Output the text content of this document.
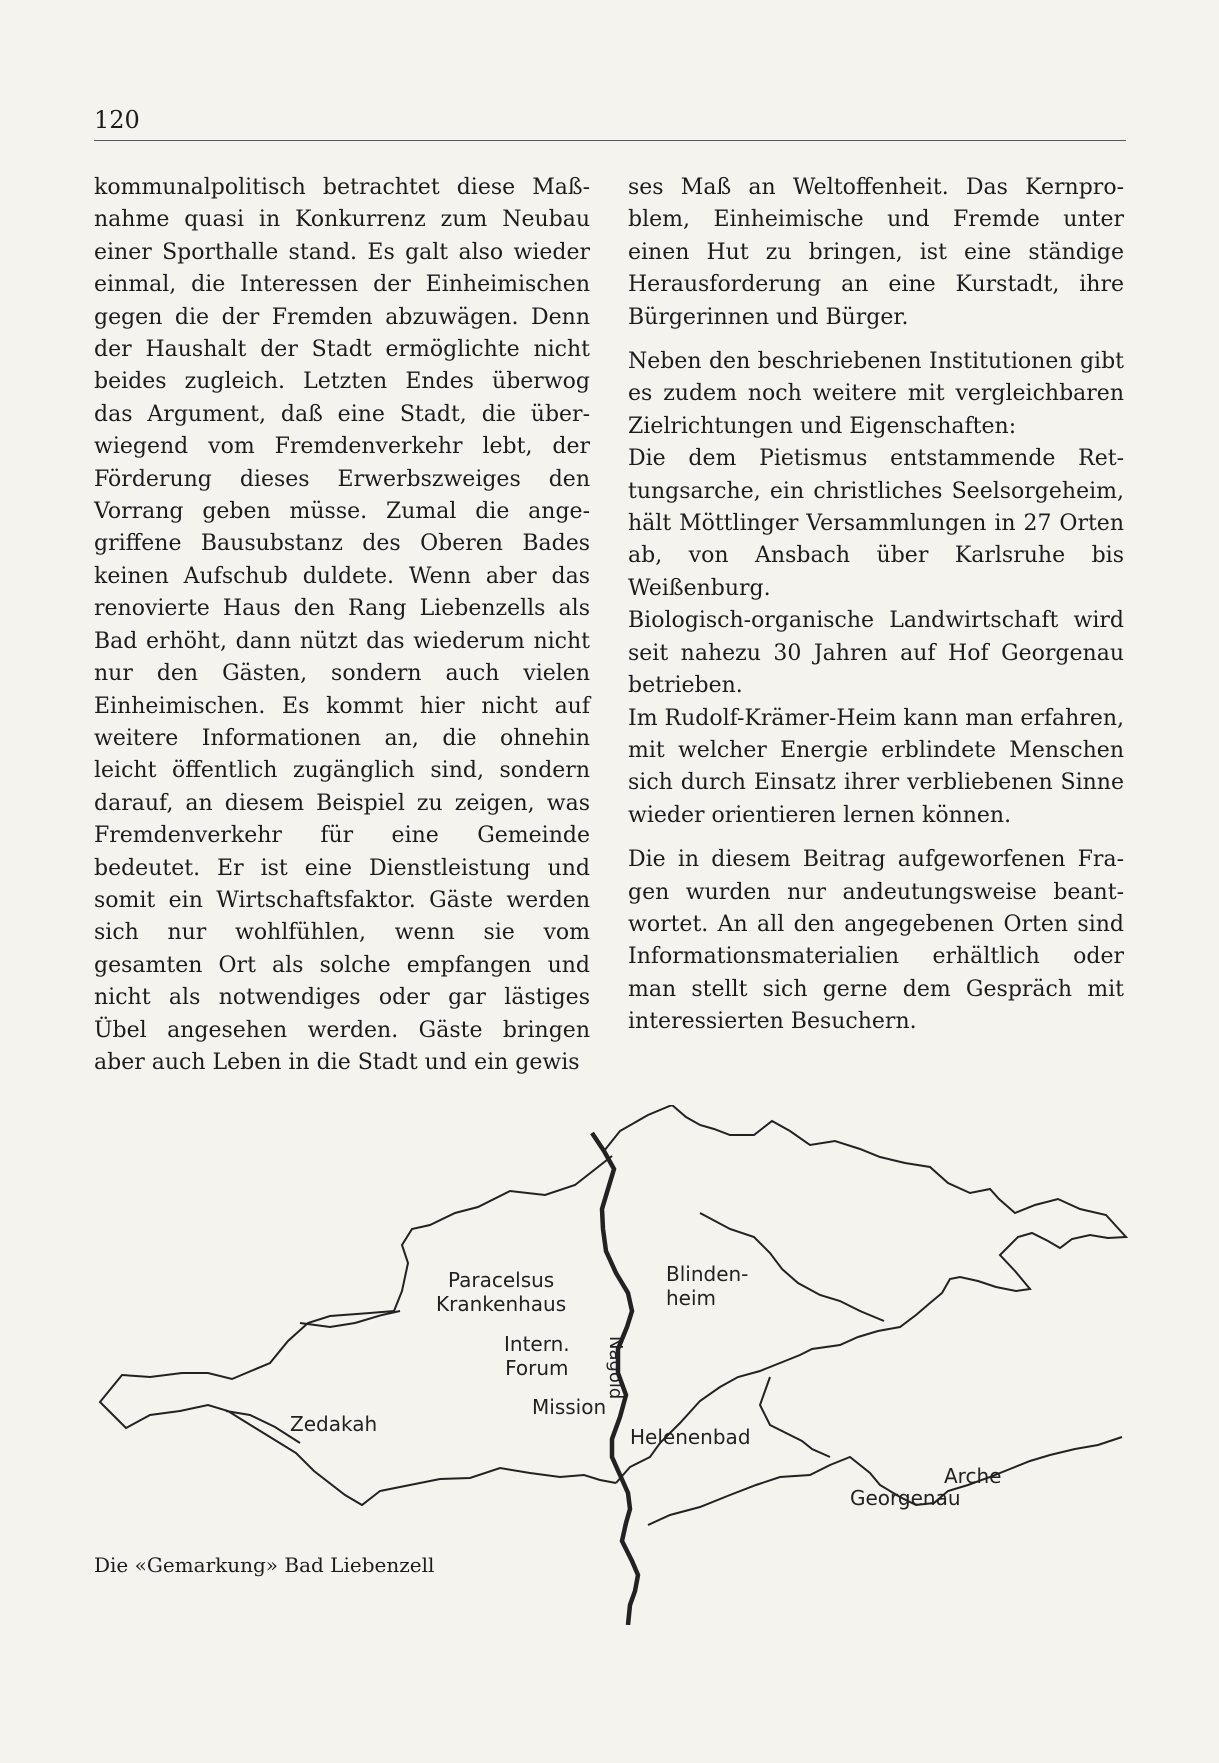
120

kommunalpolitisch betrachtet diese Maßnahme quasi in Konkurrenz zum Neubau einer Sporthalle stand. Es galt also wieder einmal, die Interessen der Einheimischen gegen die der Fremden abzuwägen. Denn der Haushalt der Stadt ermöglichte nicht beides zugleich. Letzten Endes überwog das Argument, daß eine Stadt, die überwiegend vom Fremdenverkehr lebt, der Förderung dieses Erwerbszweiges den Vorrang geben müsse. Zumal die angegriffene Bausubstanz des Oberen Bades keinen Aufschub duldete. Wenn aber das renovierte Haus den Rang Liebenzells als Bad erhöht, dann nützt das wiederum nicht nur den Gästen, sondern auch vielen Einheimischen. Es kommt hier nicht auf weitere Informationen an, die ohnehin leicht öffentlich zugänglich sind, sondern darauf, an diesem Beispiel zu zeigen, was Fremdenverkehr für eine Gemeinde bedeutet. Er ist eine Dienstleistung und somit ein Wirtschaftsfaktor. Gäste werden sich nur wohlfühlen, wenn sie vom gesamten Ort als solche empfangen und nicht als notwendiges oder gar lästiges Übel angesehen werden. Gäste bringen aber auch Leben in die Stadt und ein gewis

ses Maß an Weltoffenheit. Das Kernproblem, Einheimische und Fremde unter einen Hut zu bringen, ist eine ständige Herausforderung an eine Kurstadt, ihre Bürgerinnen und Bürger.

Neben den beschriebenen Institutionen gibt es zudem noch weitere mit vergleichbaren Zielrichtungen und Eigenschaften:

Die dem Pietismus entstammende Rettungsarche, ein christliches Seelsorgeheim, hält Möttlinger Versammlungen in 27 Orten ab, von Ansbach über Karlsruhe bis Weißenburg.

Biologisch-organische Landwirtschaft wird seit nahezu 30 Jahren auf Hof Georgenau betrieben.

Im Rudolf-Krämer-Heim kann man erfahren, mit welcher Energie erblindete Menschen sich durch Einsatz ihrer verbliebenen Sinne wieder orientieren lernen können.

Die in diesem Beitrag aufgeworfenen Fragen wurden nur andeutungsweise beantwortet. An all den angegebenen Orten sind Informationsmaterialien erhältlich oder man stellt sich gerne dem Gespräch mit interessierten Besuchern.

Paracelsus
Krankenhaus
Intern.
Forum
Mission
Zedakah
Blinden-
heim
Nagold
Helenenbad
Arche
Georgenau
Die «Gemarkung» Bad Liebenzell
